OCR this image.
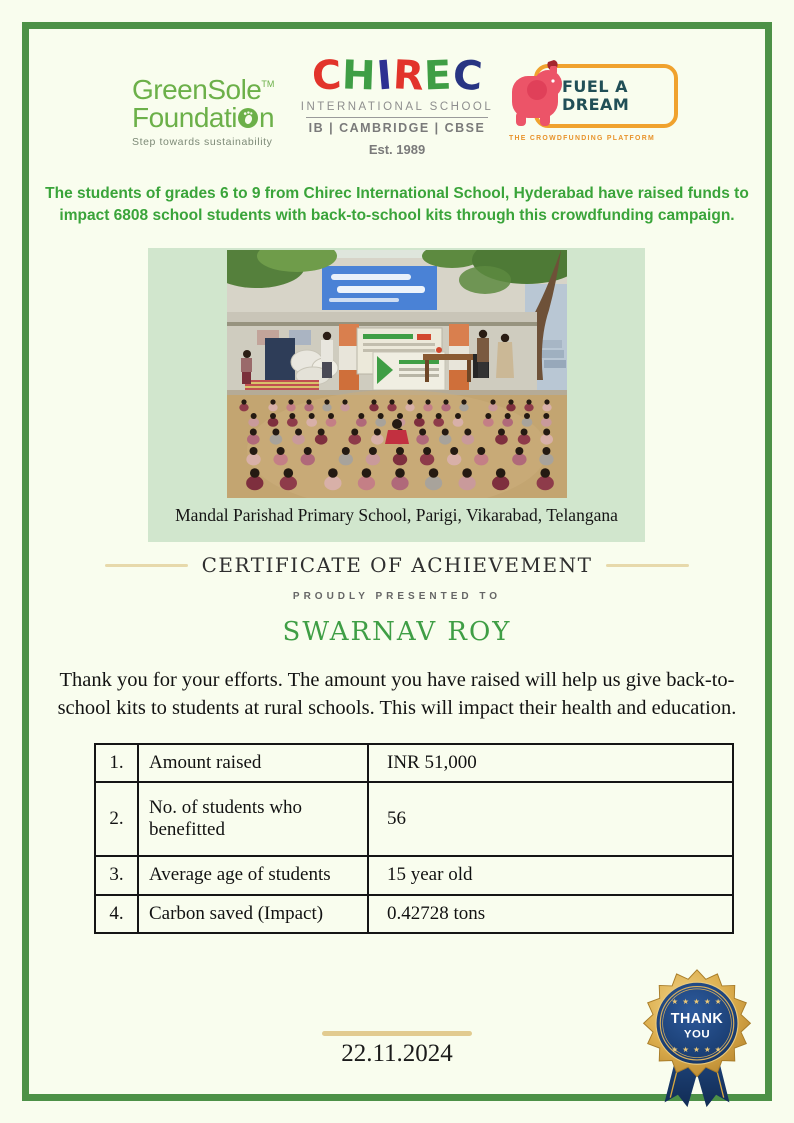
GreenSole™
Foundati n
Step towards sustainability
C H
I
R E
C
INTERNATIONAL SCHOOL
IB | CAMBRIDGE | CBSE
Est. 1989
FUEL A
DREAM
THE CROWDFUNDING PLATFORM

The students of grades 6 to 9 from Chirec International School, Hyderabad have raised funds to impact 6808 school students with back-to-school kits through this crowdfunding campaign.

Mandal Parishad Primary School, Parigi, Vikarabad, Telangana
CERTIFICATE OF ACHIEVEMENT
PROUDLY PRESENTED TO
SWARNAV ROY

Thank you for your efforts. The amount you have raised will help us give back-to-school kits to students at rural schools. This will impact their health and education.

1.	Amount raised	INR 51,000
2.	No. of students who benefitted	56
3.	Average age of students	15 year old
4.	Carbon saved (Impact)	0.42728 tons
22.11.2024
★ ★ ★ ★ ★
THANK
YOU
★ ★ ★ ★ ★
